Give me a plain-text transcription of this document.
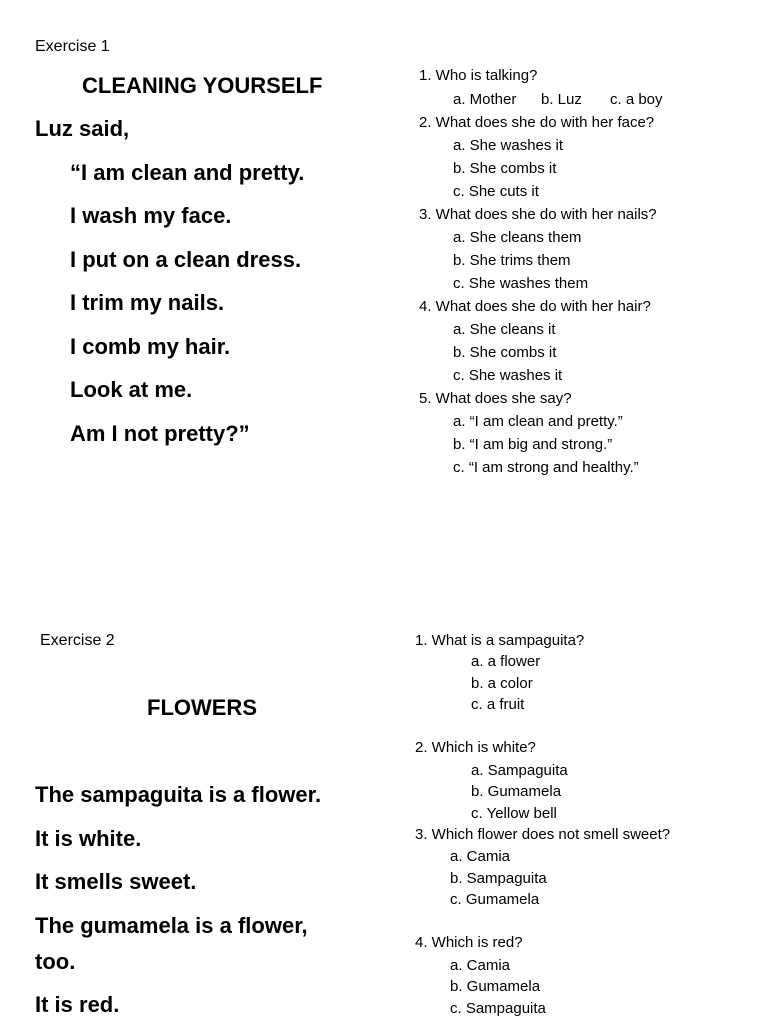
Exercise 1
CLEANING YOURSELF
Luz said,
“I am clean and pretty.
I wash my face.
I put on a clean dress.
I trim my nails.
I comb my hair.
Look at me.
Am I not pretty?”
1. Who is talking?
a. Mother b. Luz c. a boy
2. What does she do with her face?
a. She washes it
b. She combs it
c. She cuts it
3. What does she do with her nails?
a. She cleans them
b. She trims them
c. She washes them
4. What does she do with her hair?
a. She cleans it
b. She combs it
c. She washes it
5. What does she say?
a. “I am clean and pretty.”
b. “I am big and strong.”
c. “I am strong and healthy.”
Exercise 2
FLOWERS
The sampaguita is a flower.
It is white.
It smells sweet.
The gumamela is a flower,
too.
It is red.
1. What is a sampaguita?
a. a flower
b. a color
c. a fruit
2. Which is white?
a. Sampaguita
b. Gumamela
c. Yellow bell
3. Which flower does not smell sweet?
a. Camia
b. Sampaguita
c. Gumamela
4. Which is red?
a. Camia
b. Gumamela
c. Sampaguita
